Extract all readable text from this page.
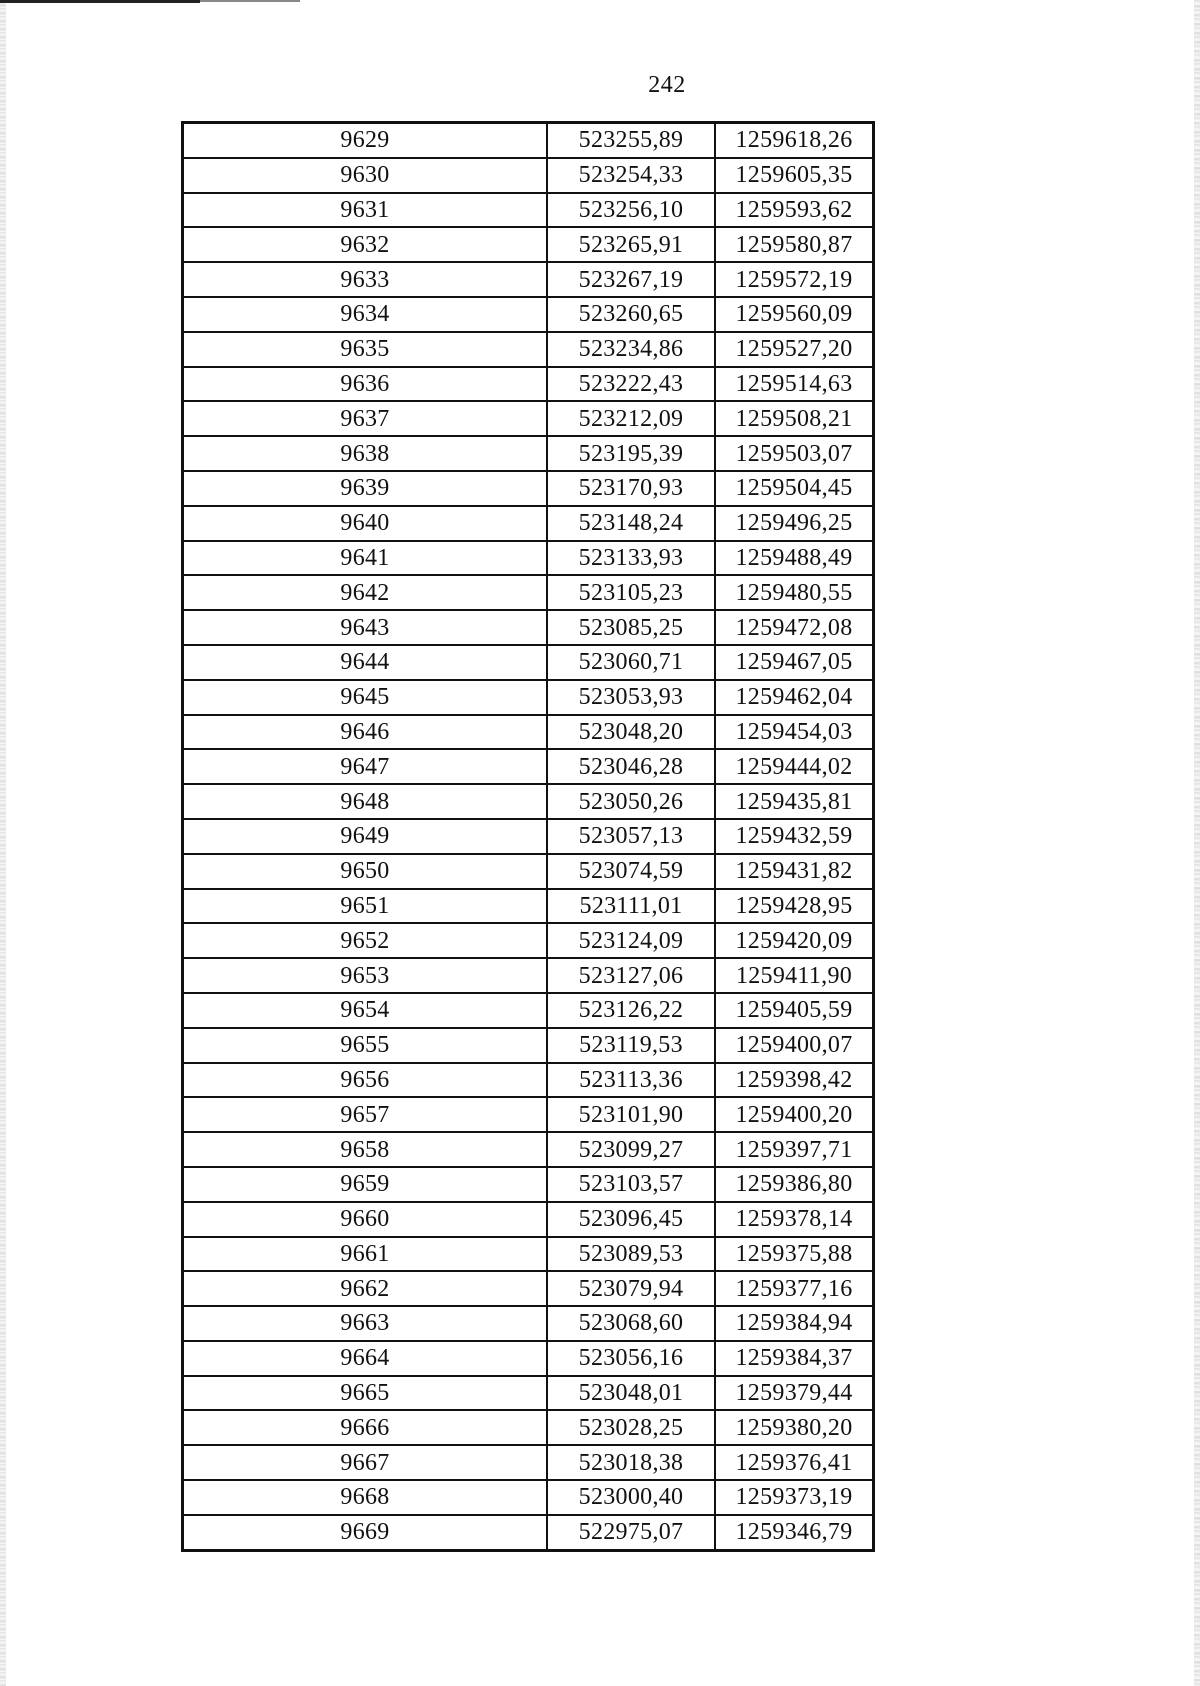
242
9629	523255,89	1259618,26
9630	523254,33	1259605,35
9631	523256,10	1259593,62
9632	523265,91	1259580,87
9633	523267,19	1259572,19
9634	523260,65	1259560,09
9635	523234,86	1259527,20
9636	523222,43	1259514,63
9637	523212,09	1259508,21
9638	523195,39	1259503,07
9639	523170,93	1259504,45
9640	523148,24	1259496,25
9641	523133,93	1259488,49
9642	523105,23	1259480,55
9643	523085,25	1259472,08
9644	523060,71	1259467,05
9645	523053,93	1259462,04
9646	523048,20	1259454,03
9647	523046,28	1259444,02
9648	523050,26	1259435,81
9649	523057,13	1259432,59
9650	523074,59	1259431,82
9651	523111,01	1259428,95
9652	523124,09	1259420,09
9653	523127,06	1259411,90
9654	523126,22	1259405,59
9655	523119,53	1259400,07
9656	523113,36	1259398,42
9657	523101,90	1259400,20
9658	523099,27	1259397,71
9659	523103,57	1259386,80
9660	523096,45	1259378,14
9661	523089,53	1259375,88
9662	523079,94	1259377,16
9663	523068,60	1259384,94
9664	523056,16	1259384,37
9665	523048,01	1259379,44
9666	523028,25	1259380,20
9667	523018,38	1259376,41
9668	523000,40	1259373,19
9669	522975,07	1259346,79
